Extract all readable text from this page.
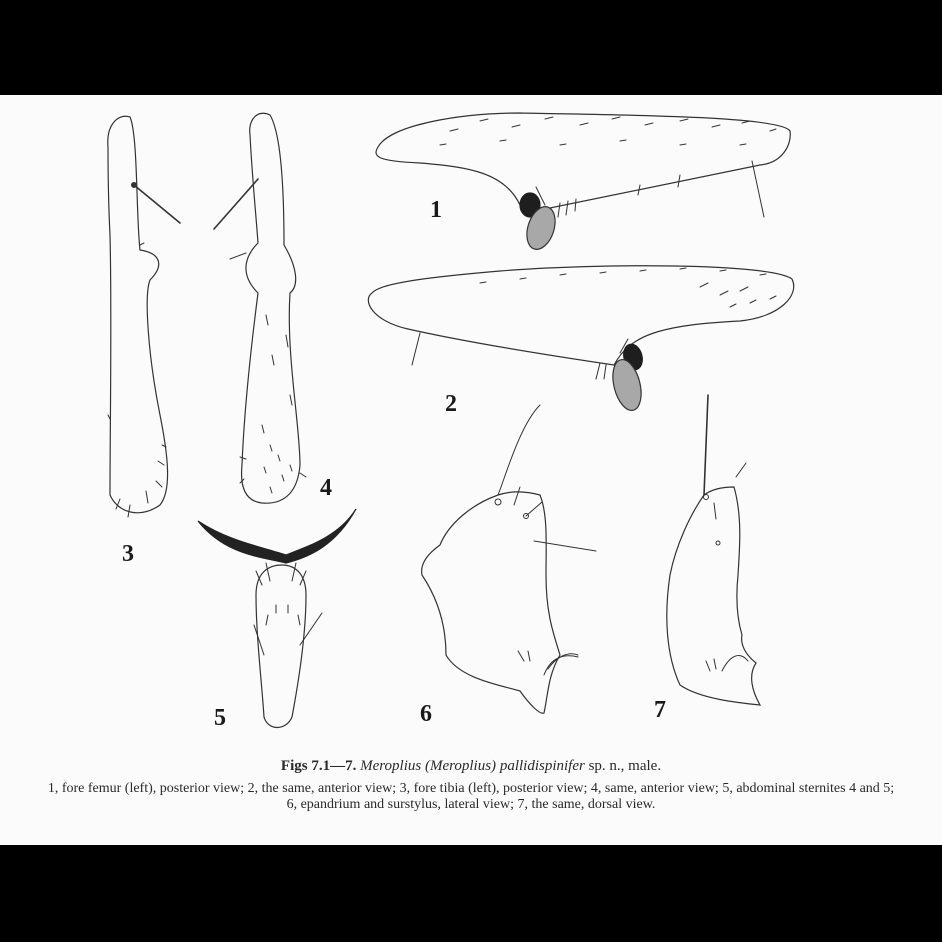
1
2
3
4
5	6	7
Figs 7.1—7. Meroplius (Meroplius) pallidispinifer sp. n., male.
1, fore femur (left), posterior view; 2, the same, anterior view; 3, fore tibia (left), posterior view; 4, same, anterior view; 5, abdominal sternites 4 and 5; 6, epandrium and surstylus, lateral view; 7, the same, dorsal view.
